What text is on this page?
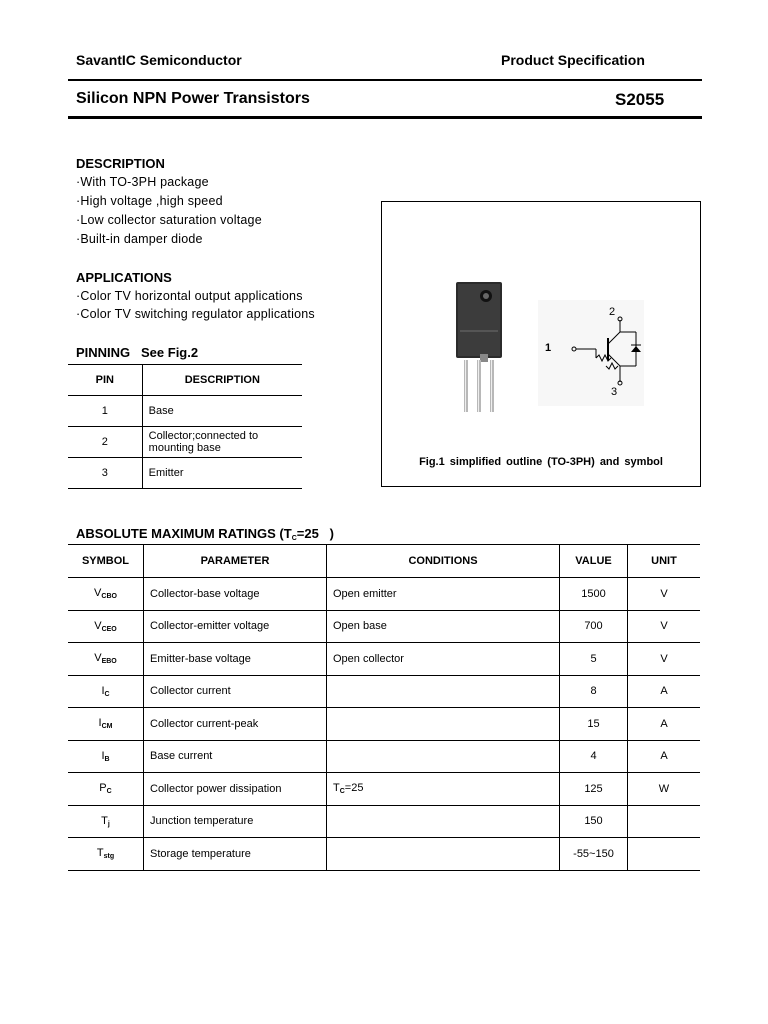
SavantIC Semiconductor	Product Specification
Silicon NPN Power Transistors	S2055
DESCRIPTION
·With TO-3PH package
·High voltage ,high speed
·Low collector saturation voltage
·Built-in damper diode
APPLICATIONS
·Color TV horizontal output applications
·Color TV switching regulator applications
PINNING   See Fig.2
PIN	DESCRIPTION
1	Base
2	Collector;connected to mounting base
3	Emitter
1
2
3
Fig.1 simplified outline (TO-3PH) and symbol
ABSOLUTE MAXIMUM RATINGS ($T_C=25$   )
SYMBOL	PARAMETER	CONDITIONS	VALUE	UNIT
$V_{CBO}$	Collector-base voltage	Open emitter	1500	V
$V_{CEO}$	Collector-emitter voltage	Open base	700	V
$V_{EBO}$	Emitter-base voltage	Open collector	5	V
$I_C$	Collector current		8	A
$I_{CM}$	Collector current-peak		15	A
$I_B$	Base current		4	A
$P_C$	Collector power dissipation	$T_C=25$	125	W
$T_j$	Junction temperature		150	
$T_{stg}$	Storage temperature		-55~150	
